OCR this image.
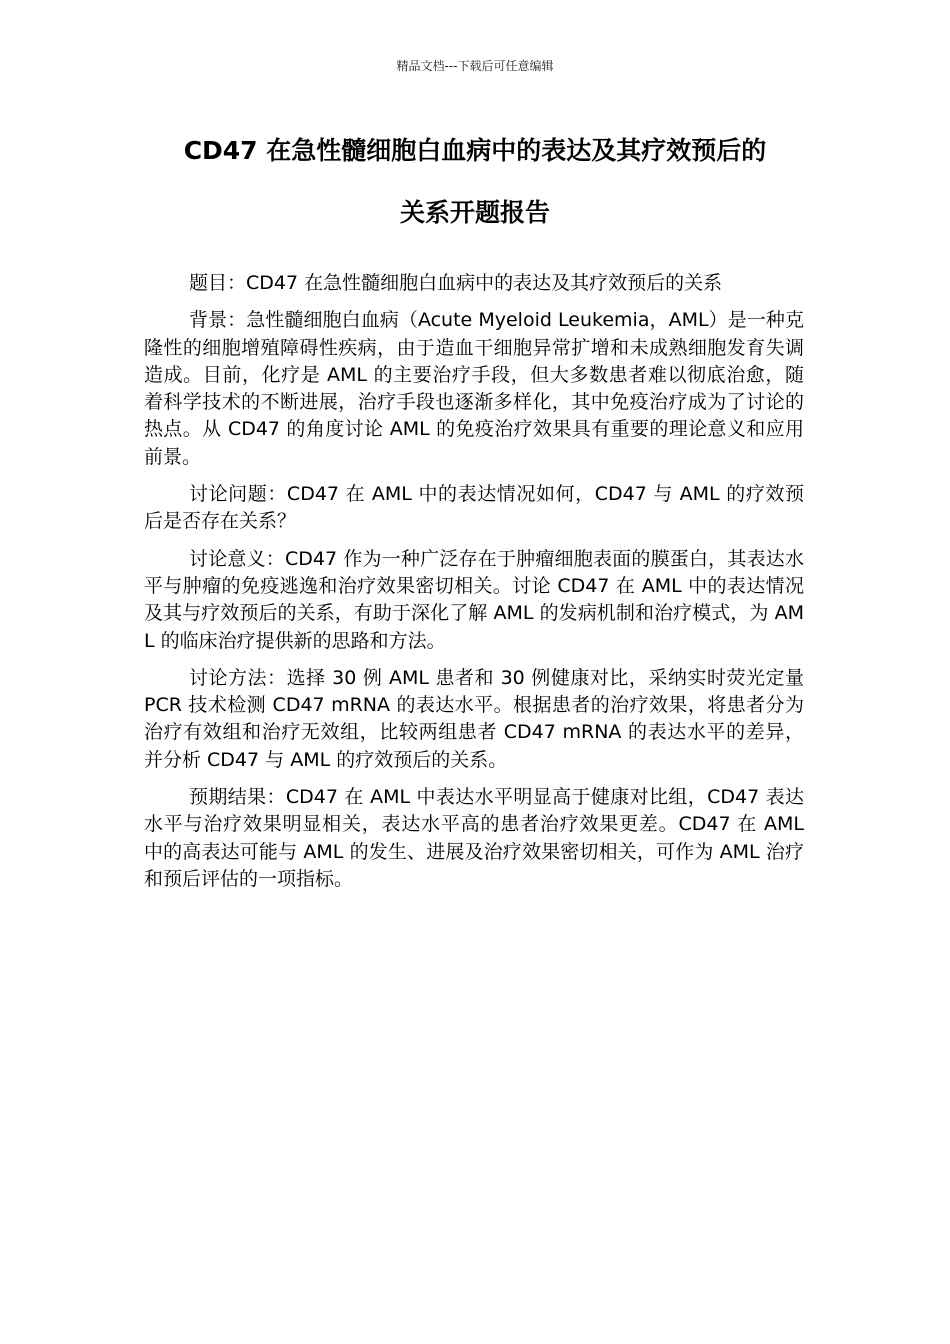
精品文档---下载后可任意编辑
CD47 在急性髓细胞白血病中的表达及其疗效预后的
关系开题报告

题目：CD47 在急性髓细胞白血病中的表达及其疗效预后的关系

背景：急性髓细胞白血病（Acute Myeloid Leukemia，AML）是一种克隆性的细胞增殖障碍性疾病，由于造血干细胞异常扩增和未成熟细胞发育失调造成。目前，化疗是 AML 的主要治疗手段，但大多数患者难以彻底治愈，随着科学技术的不断进展，治疗手段也逐渐多样化，其中免疫治疗成为了讨论的热点。从 CD47 的角度讨论 AML 的免疫治疗效果具有重要的理论意义和应用前景。

讨论问题：CD47 在 AML 中的表达情况如何，CD47 与 AML 的疗效预后是否存在关系？

讨论意义：CD47 作为一种广泛存在于肿瘤细胞表面的膜蛋白，其表达水平与肿瘤的免疫逃逸和治疗效果密切相关。讨论 CD47 在 AML 中的表达情况及其与疗效预后的关系，有助于深化了解 AML 的发病机制和治疗模式，为 AML 的临床治疗提供新的思路和方法。

讨论方法：选择 30 例 AML 患者和 30 例健康对比，采纳实时荧光定量 PCR 技术检测 CD47 mRNA 的表达水平。根据患者的治疗效果，将患者分为治疗有效组和治疗无效组，比较两组患者 CD47 mRNA 的表达水平的差异，并分析 CD47 与 AML 的疗效预后的关系。

预期结果：CD47 在 AML 中表达水平明显高于健康对比组，CD47 表达水平与治疗效果明显相关，表达水平高的患者治疗效果更差。CD47 在 AML 中的高表达可能与 AML 的发生、进展及治疗效果密切相关，可作为 AML 治疗和预后评估的一项指标。
